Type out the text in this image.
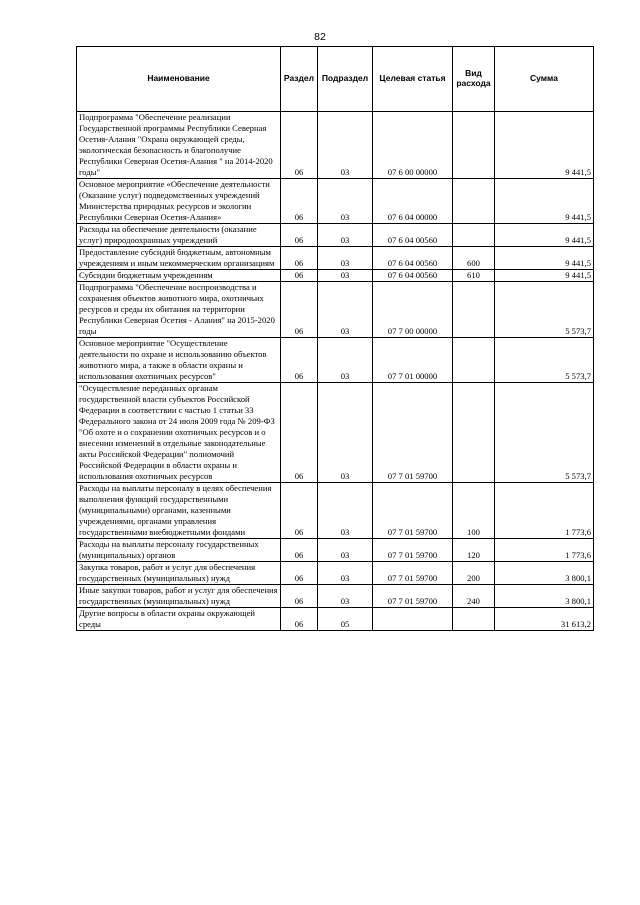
82
Наименование	Раздел	Подраздел	Целевая статья	Вид расхода	Сумма
Подпрограмма "Обеспечение реализации Государственной программы Республики Северная Осетия-Алания "Охрана окружающей среды, экологическая безопасность и благополучие Республики Северная Осетия-Алания " на 2014-2020 годы"	06	03	07 6 00 00000		9 441,5
Основное мероприятие «Обеспечение деятельности (Оказание услуг) подведомственных учреждений Министерства природных ресурсов и экологии Республики Северная Осетия-Алания»	06	03	07 6 04 00000		9 441,5
Расходы на обеспечение деятельности (оказание услуг) природоохранных учреждений	06	03	07 6 04 00560		9 441,5
Предоставление субсидий бюджетным, автономным учреждениям и иным некоммерческим организациям	06	03	07 6 04 00560	600	9 441,5
Субсидии бюджетным учреждениям	06	03	07 6 04 00560	610	9 441,5
Подпрограмма "Обеспечение воспроизводства и сохранения объектов животного мира, охотничьих ресурсов и среды их обитания на территории Республики Северная Осетия - Алания" на 2015-2020 годы	06	03	07 7 00 00000		5 573,7
Основное мероприятие "Осуществление деятельности по охране и использованию объектов животного мира, а также в области охраны и использования охотничьих ресурсов"	06	03	07 7 01 00000		5 573,7
"Осуществление переданных органам государственной власти субъектов Российской Федерации в соответствии с частью 1 статьи 33 Федерального закона от 24 июля 2009 года № 209-ФЗ "Об охоте и о сохранении охотничьих ресурсов и о внесении изменений в отдельные законодательные акты Российской Федерации" полномочий Российской Федерации в области охраны и использования охотничьих ресурсов	06	03	07 7 01 59700		5 573,7
Расходы на выплаты персоналу в целях обеспечения выполнения функций государственными (муниципальными) органами, казенными учреждениями, органами управления государственными внебюджетными фондами	06	03	07 7 01 59700	100	1 773,6
Расходы на выплаты персоналу государственных (муниципальных) органов	06	03	07 7 01 59700	120	1 773,6
Закупка товаров, работ и услуг для обеспечения государственных (муниципальных) нужд	06	03	07 7 01 59700	200	3 800,1
Иные закупки товаров, работ и услуг для обеспечения государственных (муниципальных) нужд	06	03	07 7 01 59700	240	3 800,1
Другие вопросы в области охраны окружающей среды	06	05			31 613,2
